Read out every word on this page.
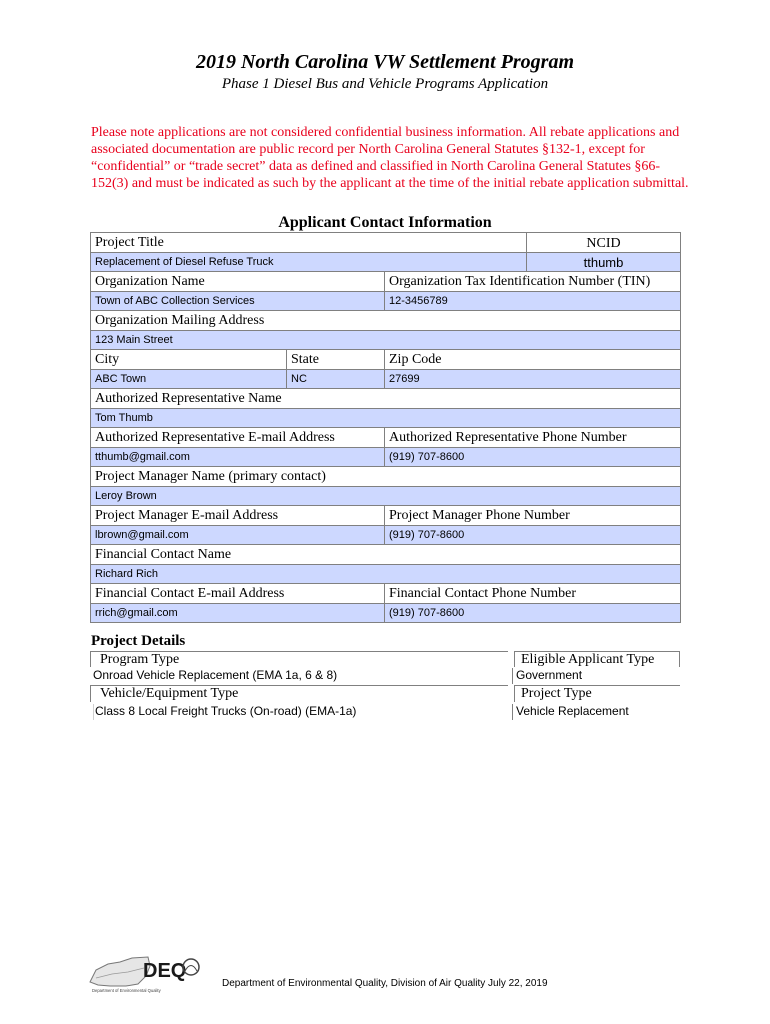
2019 North Carolina VW Settlement Program
Phase 1 Diesel Bus and Vehicle Programs Application
Please note applications are not considered confidential business information. All rebate applications and associated documentation are public record per North Carolina General Statutes §132-1, except for “confidential” or “trade secret” data as defined and classified in North Carolina General Statutes §66-152(3) and must be indicated as such by the applicant at the time of the initial rebate application submittal.
Applicant Contact Information
Project Title			NCID
Replacement of Diesel Refuse Truck			tthumb
Organization Name		Organization Tax Identification Number (TIN)	
Town of ABC Collection Services		12-3456789	
Organization Mailing Address			
123 Main Street			
City	State	Zip Code	
ABC Town	NC	27699	
Authorized Representative Name			
Tom Thumb			
Authorized Representative E-mail Address		Authorized Representative Phone Number	
tthumb@gmail.com		(919) 707-8600	
Project Manager Name (primary contact)			
Leroy Brown			
Project Manager E-mail Address		Project Manager Phone Number	
lbrown@gmail.com		(919) 707-8600	
Financial Contact Name			
Richard Rich			
Financial Contact E-mail Address		Financial Contact Phone Number	
rrich@gmail.com		(919) 707-8600	
Project Details
Program Type	Eligible Applicant Type
Onroad Vehicle Replacement (EMA 1a, 6 & 8)	Government
Vehicle/Equipment Type	Project Type
Class 8 Local Freight Trucks (On-road) (EMA-1a)	Vehicle Replacement
DEQ
Department of Environmental Quality
Department of Environmental Quality, Division of Air Quality July 22, 2019
